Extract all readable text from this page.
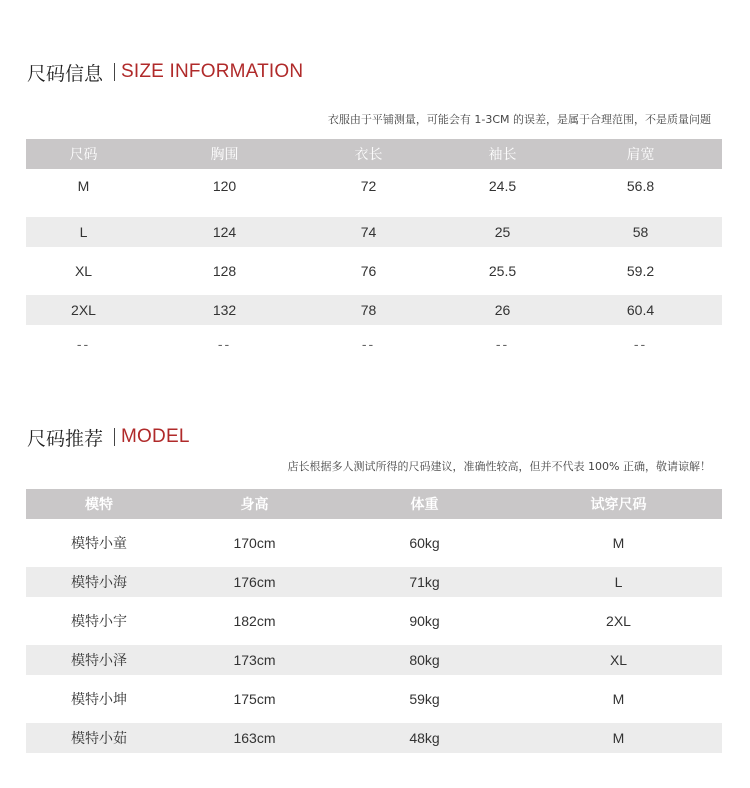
尺码信息 SIZE INFORMATION
衣服由于平铺测量，可能会有 1-3CM 的误差，是属于合理范围，不是质量问题
尺码	胸围	衣长	袖长	肩宽
M	120	72	24.5	56.8
L	124	74	25	58
XL	128	76	25.5	59.2
2XL	132	78	26	60.4
--	--	--	--	--
尺码推荐 MODEL
店长根据多人测试所得的尺码建议，准确性较高，但并不代表 100% 正确，敬请谅解！
模特	身高	体重	试穿尺码
模特小童	170cm	60kg	M
模特小海	176cm	71kg	L
模特小宇	182cm	90kg	2XL
模特小泽	173cm	80kg	XL
模特小坤	175cm	59kg	M
模特小茹	163cm	48kg	M
